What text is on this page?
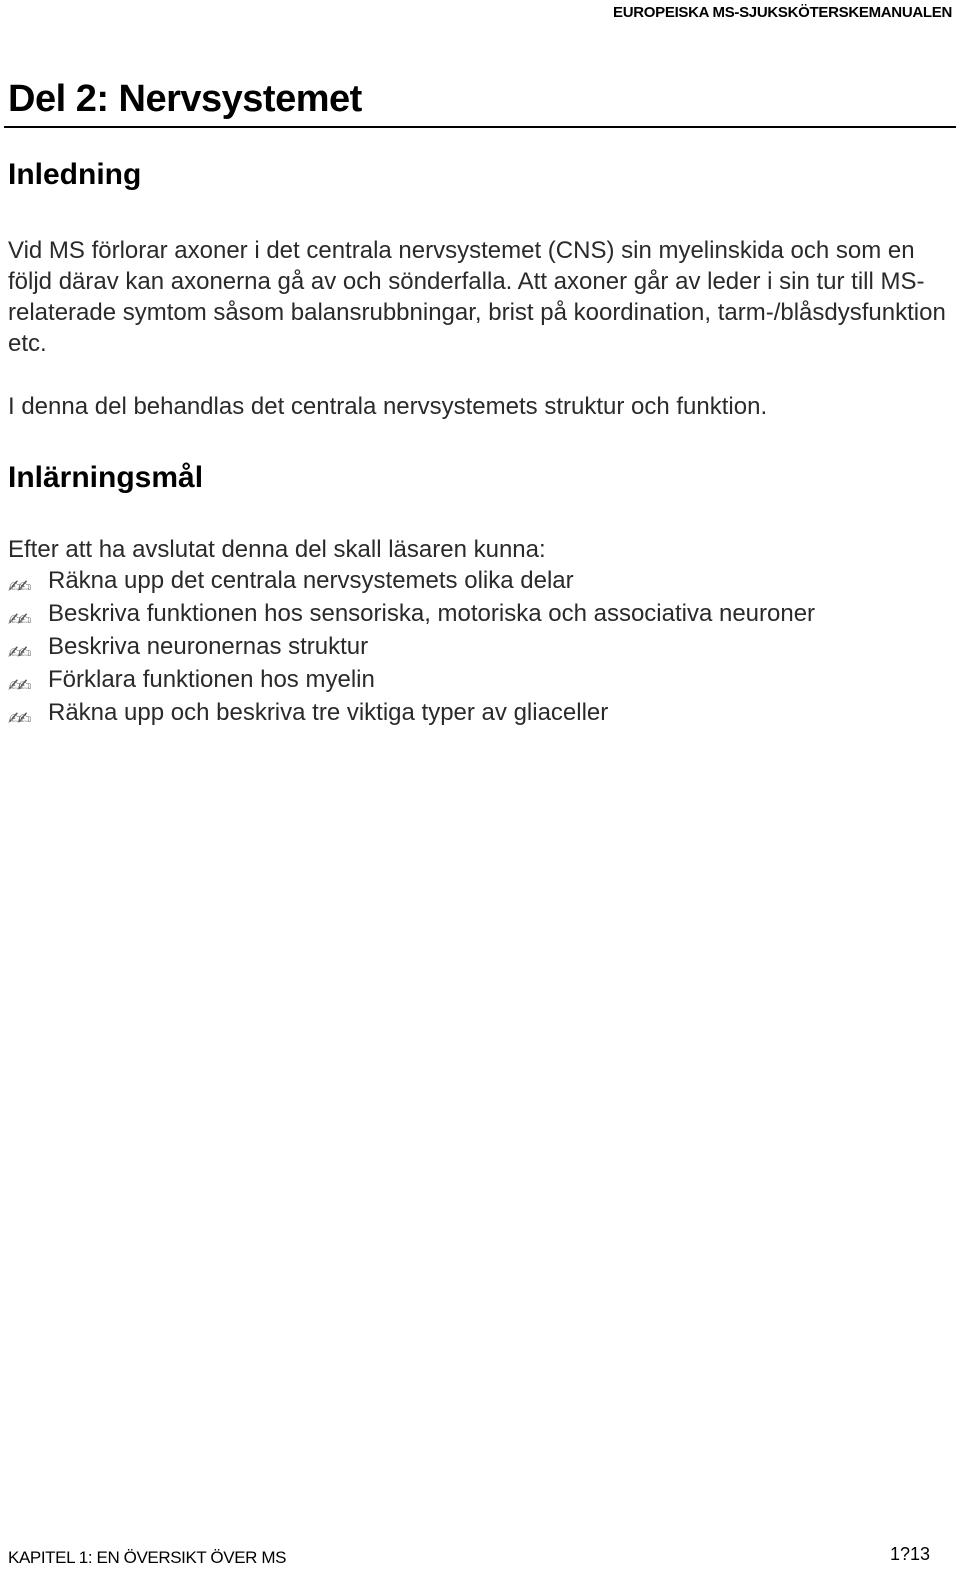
EUROPEISKA MS-SJUKSKÖTERSKEMANUALEN
Del 2: Nervsystemet
Inledning

Vid MS förlorar axoner i det centrala nervsystemet (CNS) sin myelinskida och som en följd därav kan axonerna gå av och sönderfalla. Att axoner går av leder i sin tur till MS-relaterade symtom såsom balansrubbningar, brist på koordination, tarm-/blåsdysfunktion etc.

I denna del behandlas det centrala nervsystemets struktur och funktion.
Inlärningsmål
Efter att ha avslutat denna del skall läsaren kunna:
✍✍ Räkna upp det centrala nervsystemets olika delar
✍✍ Beskriva funktionen hos sensoriska, motoriska och associativa neuroner
✍✍ Beskriva neuronernas struktur
✍✍ Förklara funktionen hos myelin
✍✍ Räkna upp och beskriva tre viktiga typer av gliaceller
KAPITEL 1: EN ÖVERSIKT ÖVER MS	1?13
